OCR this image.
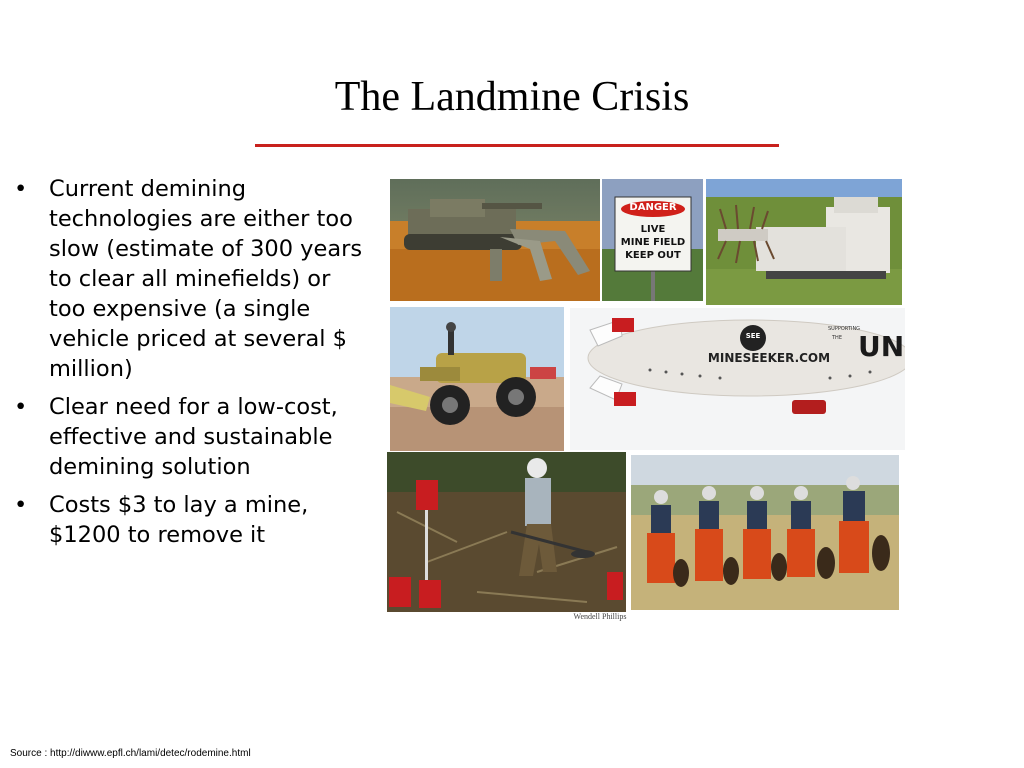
The Landmine Crisis
• Current demining technologies are either too slow (estimate of 300 years to clear all minefields) or too expensive (a single vehicle priced at several $ million)
• Clear need for a low-cost, effective and sustainable demining solution
• Costs $3 to lay a mine, $1200 to remove it
DANGER
LIVE
MINE FIELD
KEEP OUT
SEE
MINESEEKER.COM
SUPPORTING
THE UN
Wendell Phillips
Source : http://diwww.epfl.ch/lami/detec/rodemine.html
